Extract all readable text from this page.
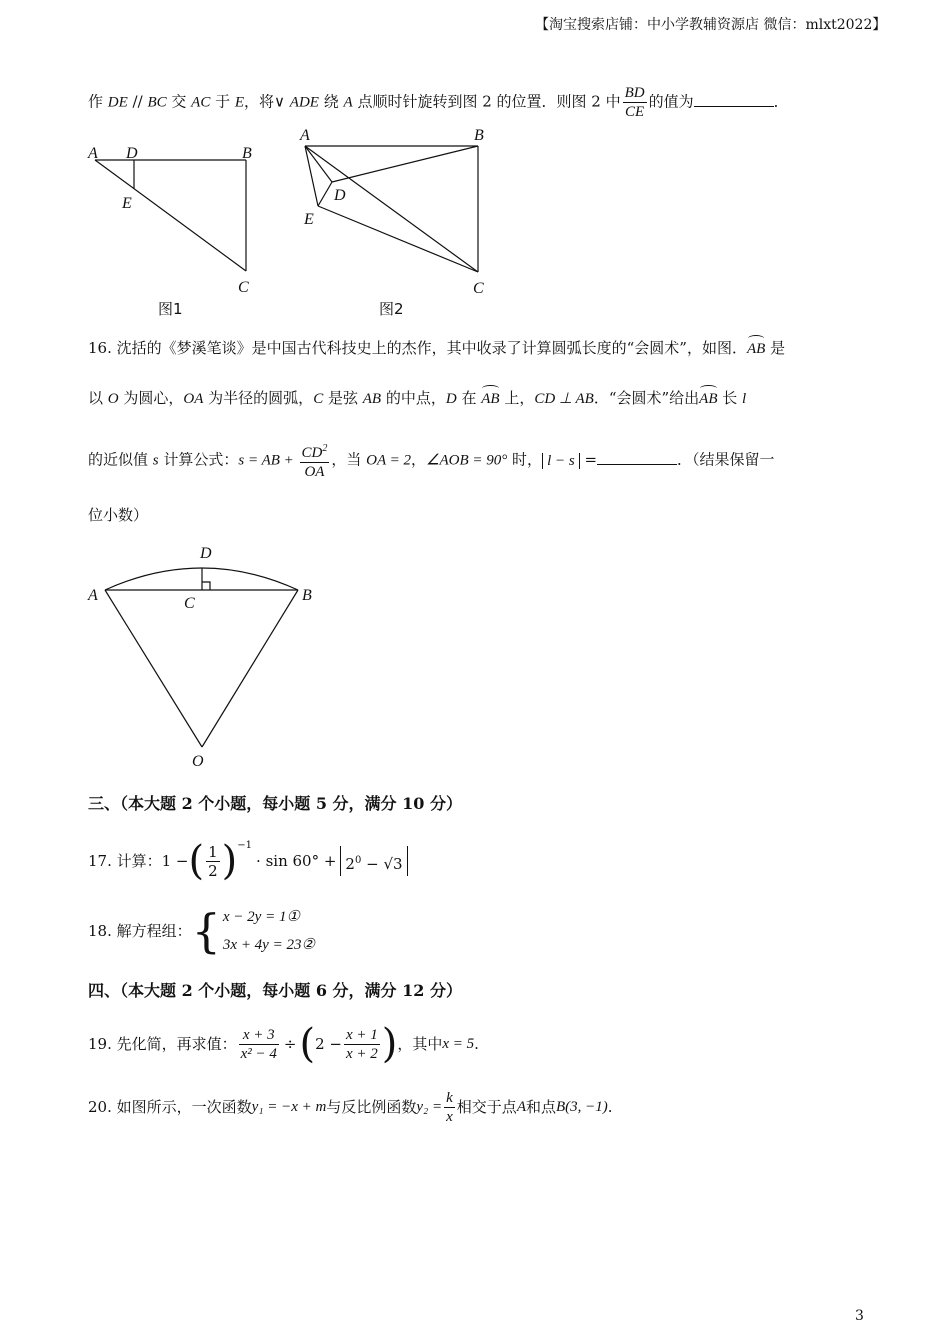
【淘宝搜索店铺：中小学教辅资源店 微信：mlxt2022】
作 DE // BC 交 AC 于 E，将∨ ADE 绕 A 点顺时针旋转到图 2 的位置．则图 2 中 $\frac{BD}{CE}$ 的值为	．
A D	B
E
C
图1
A	B
D
E
C
图2
16. 沈括的《梦溪笔谈》是中国古代科技史上的杰作，其中收录了计算圆弧长度的“会圆术”，如图．AB 是
以 O 为圆心，OA 为半径的圆弧，C 是弦 AB 的中点，D 在 AB 上，CD ⊥ AB．“会圆术”给出AB 长 l
的近似值 s 计算公式：s = AB + $\frac{CD^2}{OA}$ ，当 OA = 2，∠AOB = 90° 时， l − s =	．（结果保留一
位小数）
D
A	C	B
O
三、（本大题 2 个小题，每小题 5 分，满分 10 分）
17. 计算： 1 − ( $\frac{1}{2} )^{-1}$
· $\sin 60^\circ + 2^0 - √3$
18. 解方程组： { x − 2y = 1①
3x + 4y = 23②
四、（本大题 2 个小题，每小题 6 分，满分 12 分）
19. 先化简，再求值： $\frac{x + 3}{\text{x² − 4}}$ ÷ ( $2 - \frac{x + 1}{x + 2}$ ) ，其中 x = 5 .
20. 如图所示，一次函数 y₁ = −x + m 与反比例函数 $y_2 = \frac{k}{x}$ 相交于点 A 和点 B(3, −1) .
3
